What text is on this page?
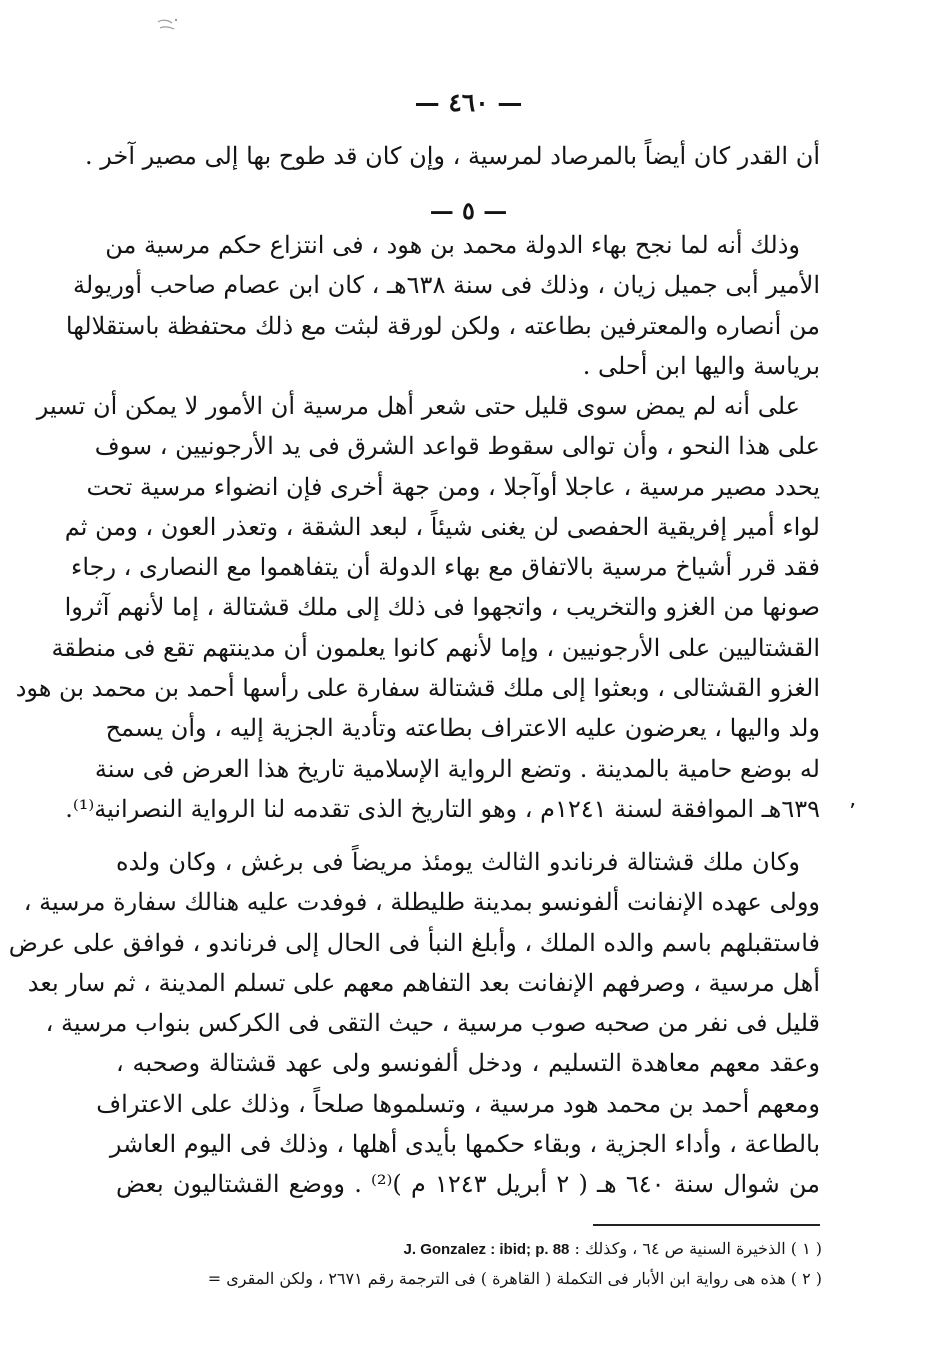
— ٤٦٠ —
أن القدر كان أيضاً بالمرصاد لمرسية ، وإن كان قد طوح بها إلى مصير آخر .
— ٥ —
وذلك أنه لما نجح بهاء الدولة محمد بن هود ، فى انتزاع حكم مرسية من
الأمير أبى جميل زيان ، وذلك فى سنة ٦٣٨هـ ، كان ابن عصام صاحب أوريولة
من أنصاره والمعترفين بطاعته ، ولكن لورقة لبثت مع ذلك محتفظة باستقلالها
برياسة واليها ابن أحلى .
على أنه لم يمض سوى قليل حتى شعر أهل مرسية أن الأمور لا يمكن أن تسير
على هذا النحو ، وأن توالى سقوط قواعد الشرق فى يد الأرجونيين ، سوف
يحدد مصير مرسية ، عاجلا أوآجلا ، ومن جهة أخرى فإن انضواء مرسية تحت
لواء أمير إفريقية الحفصى لن يغنى شيئاً ، لبعد الشقة ، وتعذر العون ، ومن ثم
فقد قرر أشياخ مرسية بالاتفاق مع بهاء الدولة أن يتفاهموا مع النصارى ، رجاء
صونها من الغزو والتخريب ، واتجهوا فى ذلك إلى ملك قشتالة ، إما لأنهم آثروا
القشتاليين على الأرجونيين ، وإما لأنهم كانوا يعلمون أن مدينتهم تقع فى منطقة
الغزو القشتالى ، وبعثوا إلى ملك قشتالة سفارة على رأسها أحمد بن محمد بن هود
ولد واليها ، يعرضون عليه الاعتراف بطاعته وتأدية الجزية إليه ، وأن يسمح
له بوضع حامية بالمدينة . وتضع الرواية الإسلامية تاريخ هذا العرض فى سنة
٦٣٩هـ الموافقة لسنة ١٢٤١م ، وهو التاريخ الذى تقدمه لنا الرواية النصرانية⁽¹⁾. ٬
وكان ملك قشتالة فرناندو الثالث يومئذ مريضاً فى برغش ، وكان ولده
وولى عهده الإنفانت ألفونسو بمدينة طليطلة ، فوفدت عليه هنالك سفارة مرسية ،
فاستقبلهم باسم والده الملك ، وأبلغ النبأ فى الحال إلى فرناندو ، فوافق على عرض
أهل مرسية ، وصرفهم الإنفانت بعد التفاهم معهم على تسلم المدينة ، ثم سار بعد
قليل فى نفر من صحبه صوب مرسية ، حيث التقى فى الكركس بنواب مرسية ،
وعقد معهم معاهدة التسليم ، ودخل ألفونسو ولى عهد قشتالة وصحبه ،
ومعهم أحمد بن محمد هود مرسية ، وتسلموها صلحاً ، وذلك على الاعتراف
بالطاعة ، وأداء الجزية ، وبقاء حكمها بأيدى أهلها ، وذلك فى اليوم العاشر
من شوال سنة ٦٤٠ هـ ( ٢ أبريل ١٢٤٣ م )⁽²⁾ . ووضع القشتاليون بعض
( ١ ) الذخيرة السنية ص ٦٤ ، وكذلك : J. Gonzalez : ibid; p. 88
( ٢ ) هذه هى رواية ابن الأبار فى التكملة ( القاهرة ) فى الترجمة رقم ٢٦٧١ ، ولكن المقرى =
